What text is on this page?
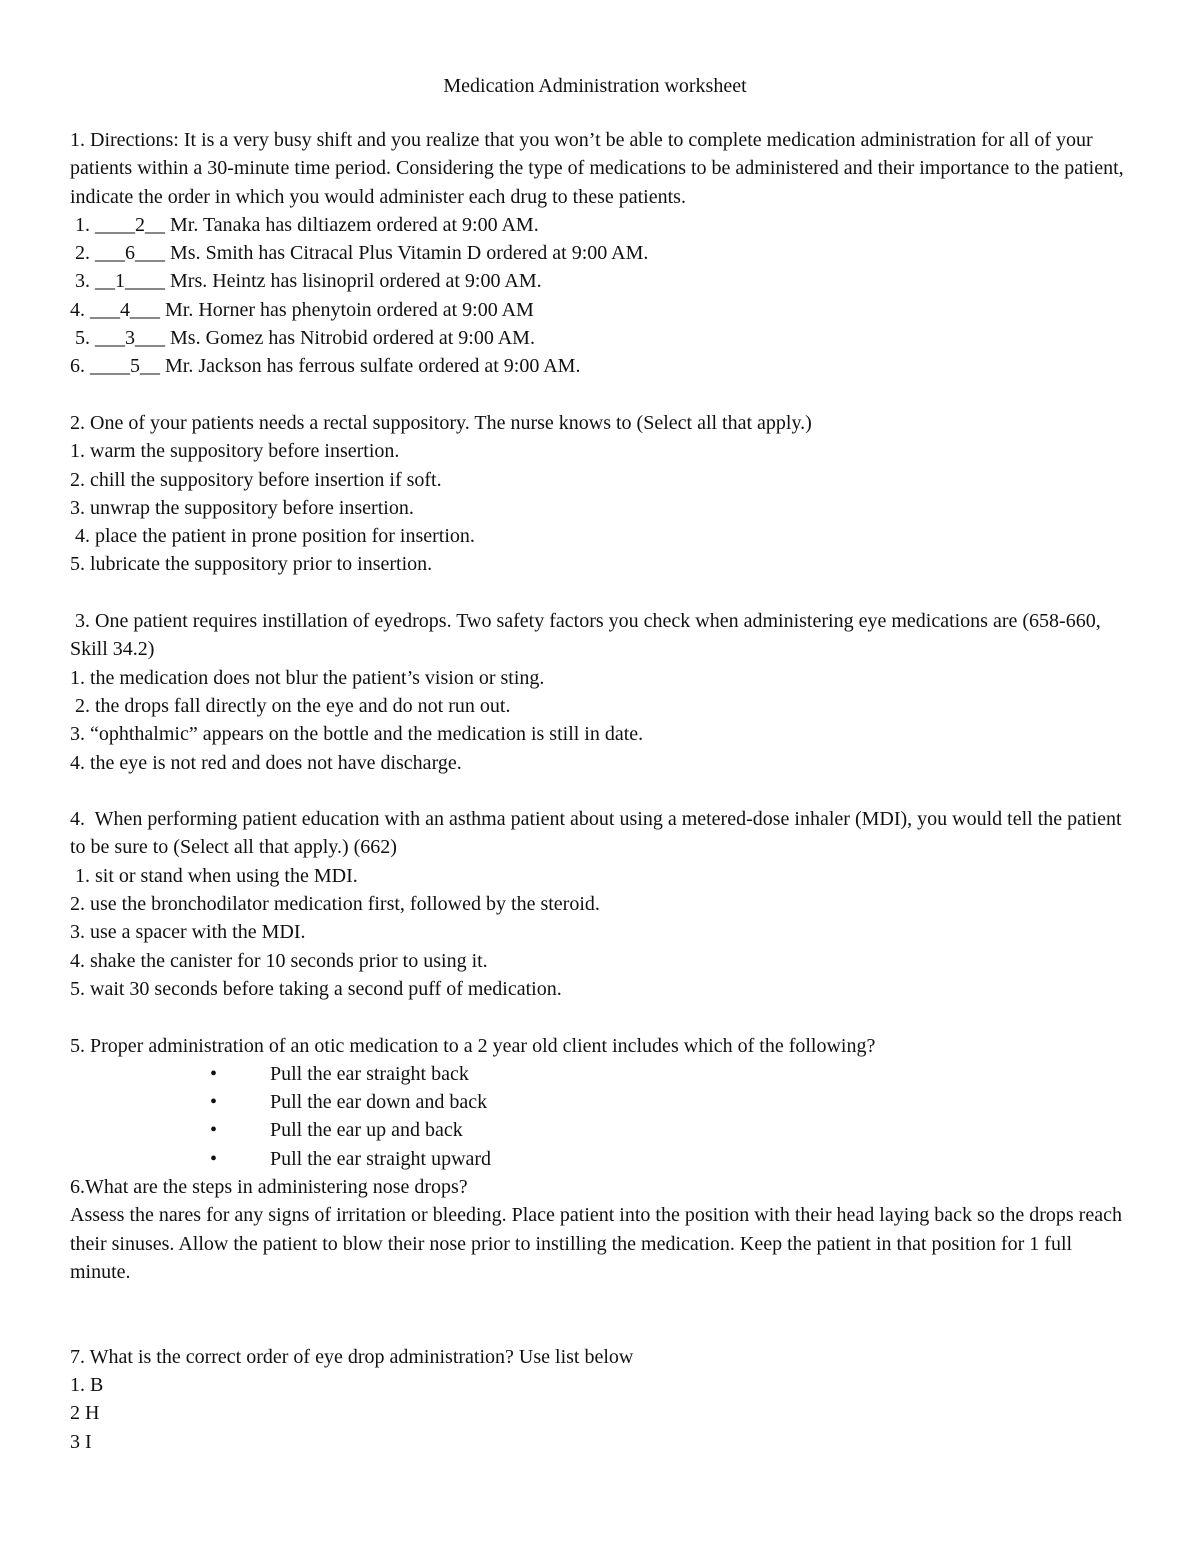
Medication Administration worksheet
1. Directions: It is a very busy shift and you realize that you won’t be able to complete medication administration for all of your patients within a 30-minute time period. Considering the type of medications to be administered and their importance to the patient, indicate the order in which you would administer each drug to these patients.
1. ____2__ Mr. Tanaka has diltiazem ordered at 9:00 AM.
2. ___6___ Ms. Smith has Citracal Plus Vitamin D ordered at 9:00 AM.
3. __1____ Mrs. Heintz has lisinopril ordered at 9:00 AM.
4. ___4___ Mr. Horner has phenytoin ordered at 9:00 AM
5. ___3___ Ms. Gomez has Nitrobid ordered at 9:00 AM.
6. ____5__ Mr. Jackson has ferrous sulfate ordered at 9:00 AM.
2. One of your patients needs a rectal suppository. The nurse knows to (Select all that apply.)
1. warm the suppository before insertion.
2. chill the suppository before insertion if soft.
3. unwrap the suppository before insertion.
4. place the patient in prone position for insertion.
5. lubricate the suppository prior to insertion.
3. One patient requires instillation of eyedrops. Two safety factors you check when administering eye medications are (658-660, Skill 34.2)
1. the medication does not blur the patient’s vision or sting.
2. the drops fall directly on the eye and do not run out.
3. “ophthalmic” appears on the bottle and the medication is still in date.
4. the eye is not red and does not have discharge.
4.  When performing patient education with an asthma patient about using a metered-dose inhaler (MDI), you would tell the patient to be sure to (Select all that apply.) (662)
1. sit or stand when using the MDI.
2. use the bronchodilator medication first, followed by the steroid.
3. use a spacer with the MDI.
4. shake the canister for 10 seconds prior to using it.
5. wait 30 seconds before taking a second puff of medication.
5. Proper administration of an otic medication to a 2 year old client includes which of the following?
•	Pull the ear straight back
•	Pull the ear down and back
•	Pull the ear up and back
•	Pull the ear straight upward
6.What are the steps in administering nose drops?
Assess the nares for any signs of irritation or bleeding. Place patient into the position with their head laying back so the drops reach their sinuses. Allow the patient to blow their nose prior to instilling the medication. Keep the patient in that position for 1 full minute.
7. What is the correct order of eye drop administration? Use list below
1. B
2 H
3 I
